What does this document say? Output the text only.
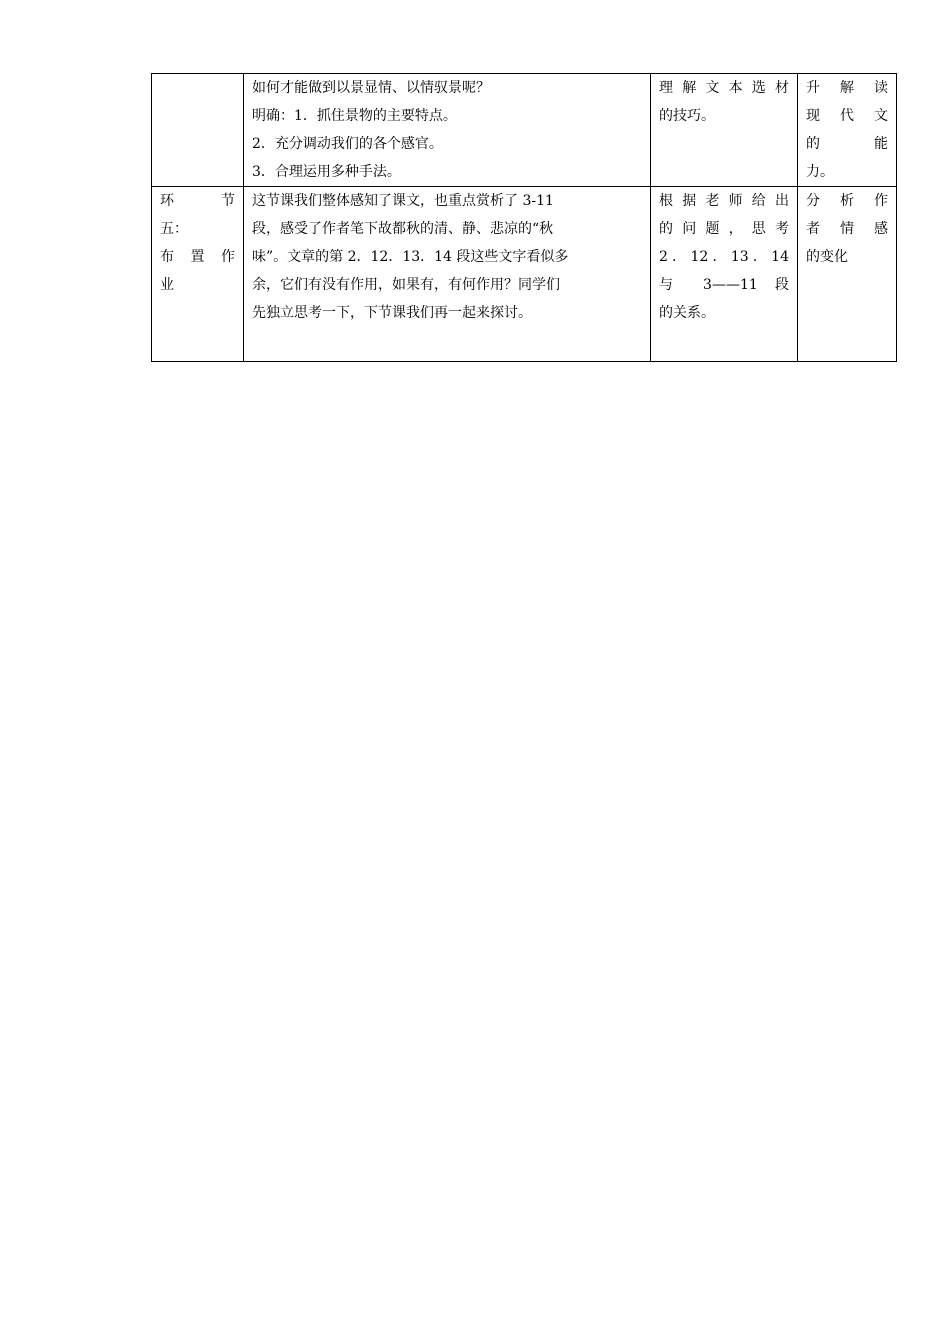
	如何才能做到以景显情、以情驭景呢？
明确：1．抓住景物的主要特点。
2．充分调动我们的各个感官。
3．合理运用多种手法。	理解文本选材
的技巧。	升 解 读
现 代 文
的　　能
力。

环　　节
五：
布 置 作
业	这节课我们整体感知了课文，也重点赏析了 3-11
段，感受了作者笔下故都秋的清、静、悲凉的“秋
味”。文章的第 2．12．13．14 段这些文字看似多
余，它们有没有作用，如果有，有何作用？同学们
先独立思考一下，下节课我们再一起来探讨。	根据老师给出
的问题，思考
2．12．13．14
与 3——11 段
的关系。	分 析 作
者 情 感
的变化
